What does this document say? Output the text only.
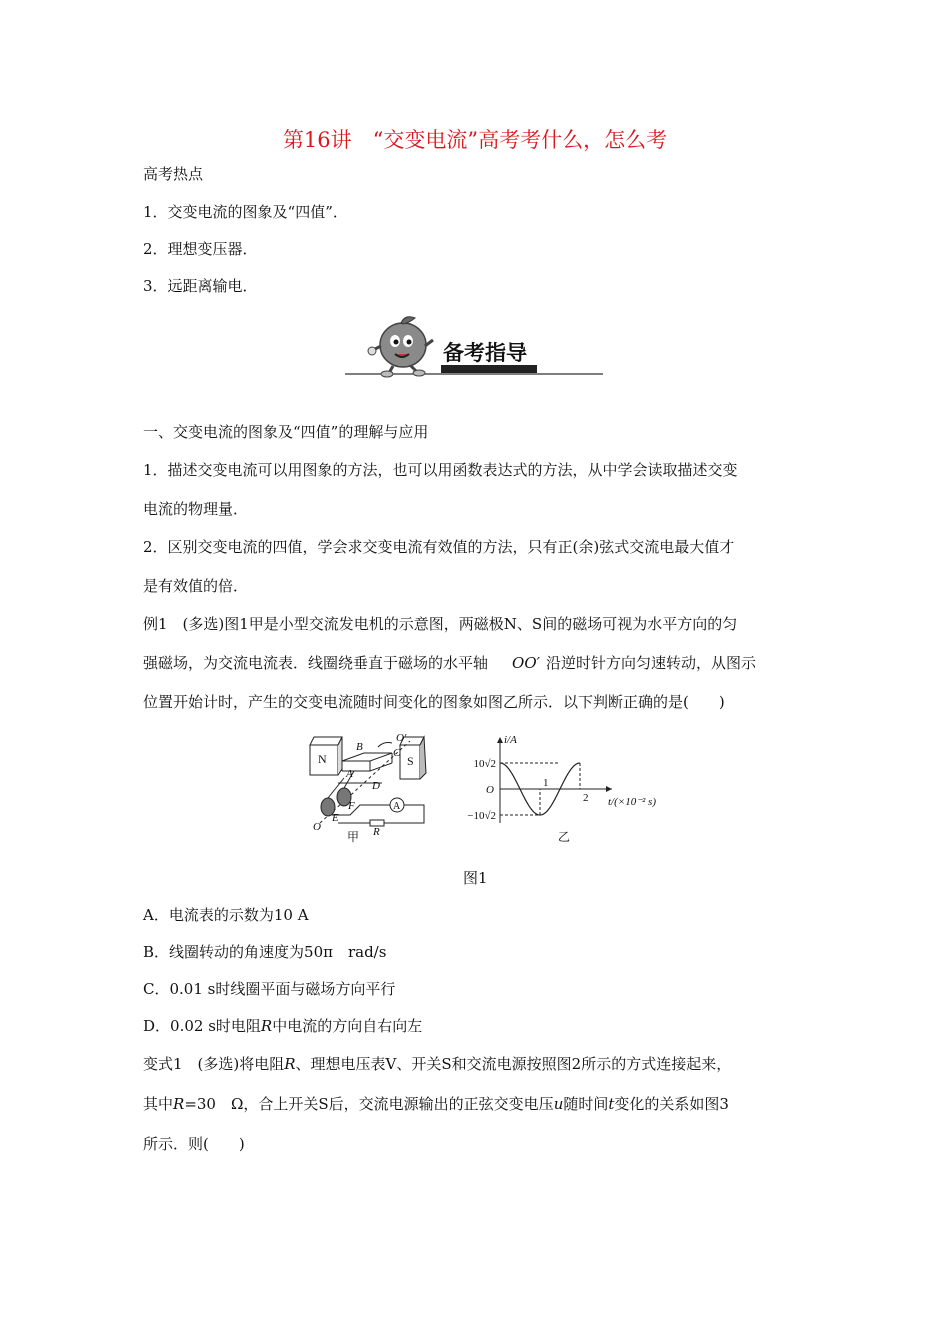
第16讲　“交变电流”高考考什么，怎么考
高考热点
1．交变电流的图象及“四值”．
2．理想变压器．
3．远距离输电．
备考指导
一、交变电流的图象及“四值”的理解与应用
1．描述交变电流可以用图象的方法，也可以用函数表达式的方法，从中学会读取描述交变
电流的物理量．
2．区别交变电流的四值，学会求交变电流有效值的方法，只有正(余)弦式交流电最大值才
是有效值的倍．
例1　(多选)图1甲是小型交流发电机的示意图，两磁极N、S间的磁场可视为水平方向的匀
强磁场，为交流电流表．线圈绕垂直于磁场的水平轴 OO′ 沿逆时针方向匀速转动，从图示
位置开始计时，产生的交变电流随时间变化的图象如图乙所示．以下判断正确的是(　　)
N	S
O′
B	C
A
D
F
E
O	R
A
甲
i/A
10√2
−10√2
O
1
2 t/(×10⁻² s)
乙
图1
A．电流表的示数为10 A
B．线圈转动的角速度为50π　rad/s
C．0.01 s时线圈平面与磁场方向平行
D．0.02 s时电阻R中电流的方向自右向左
变式1　(多选)将电阻R、理想电压表V、开关S和交流电源按照图2所示的方式连接起来，
其中R=30　Ω，合上开关S后，交流电源输出的正弦交变电压u随时间t变化的关系如图3
所示．则(　　)
